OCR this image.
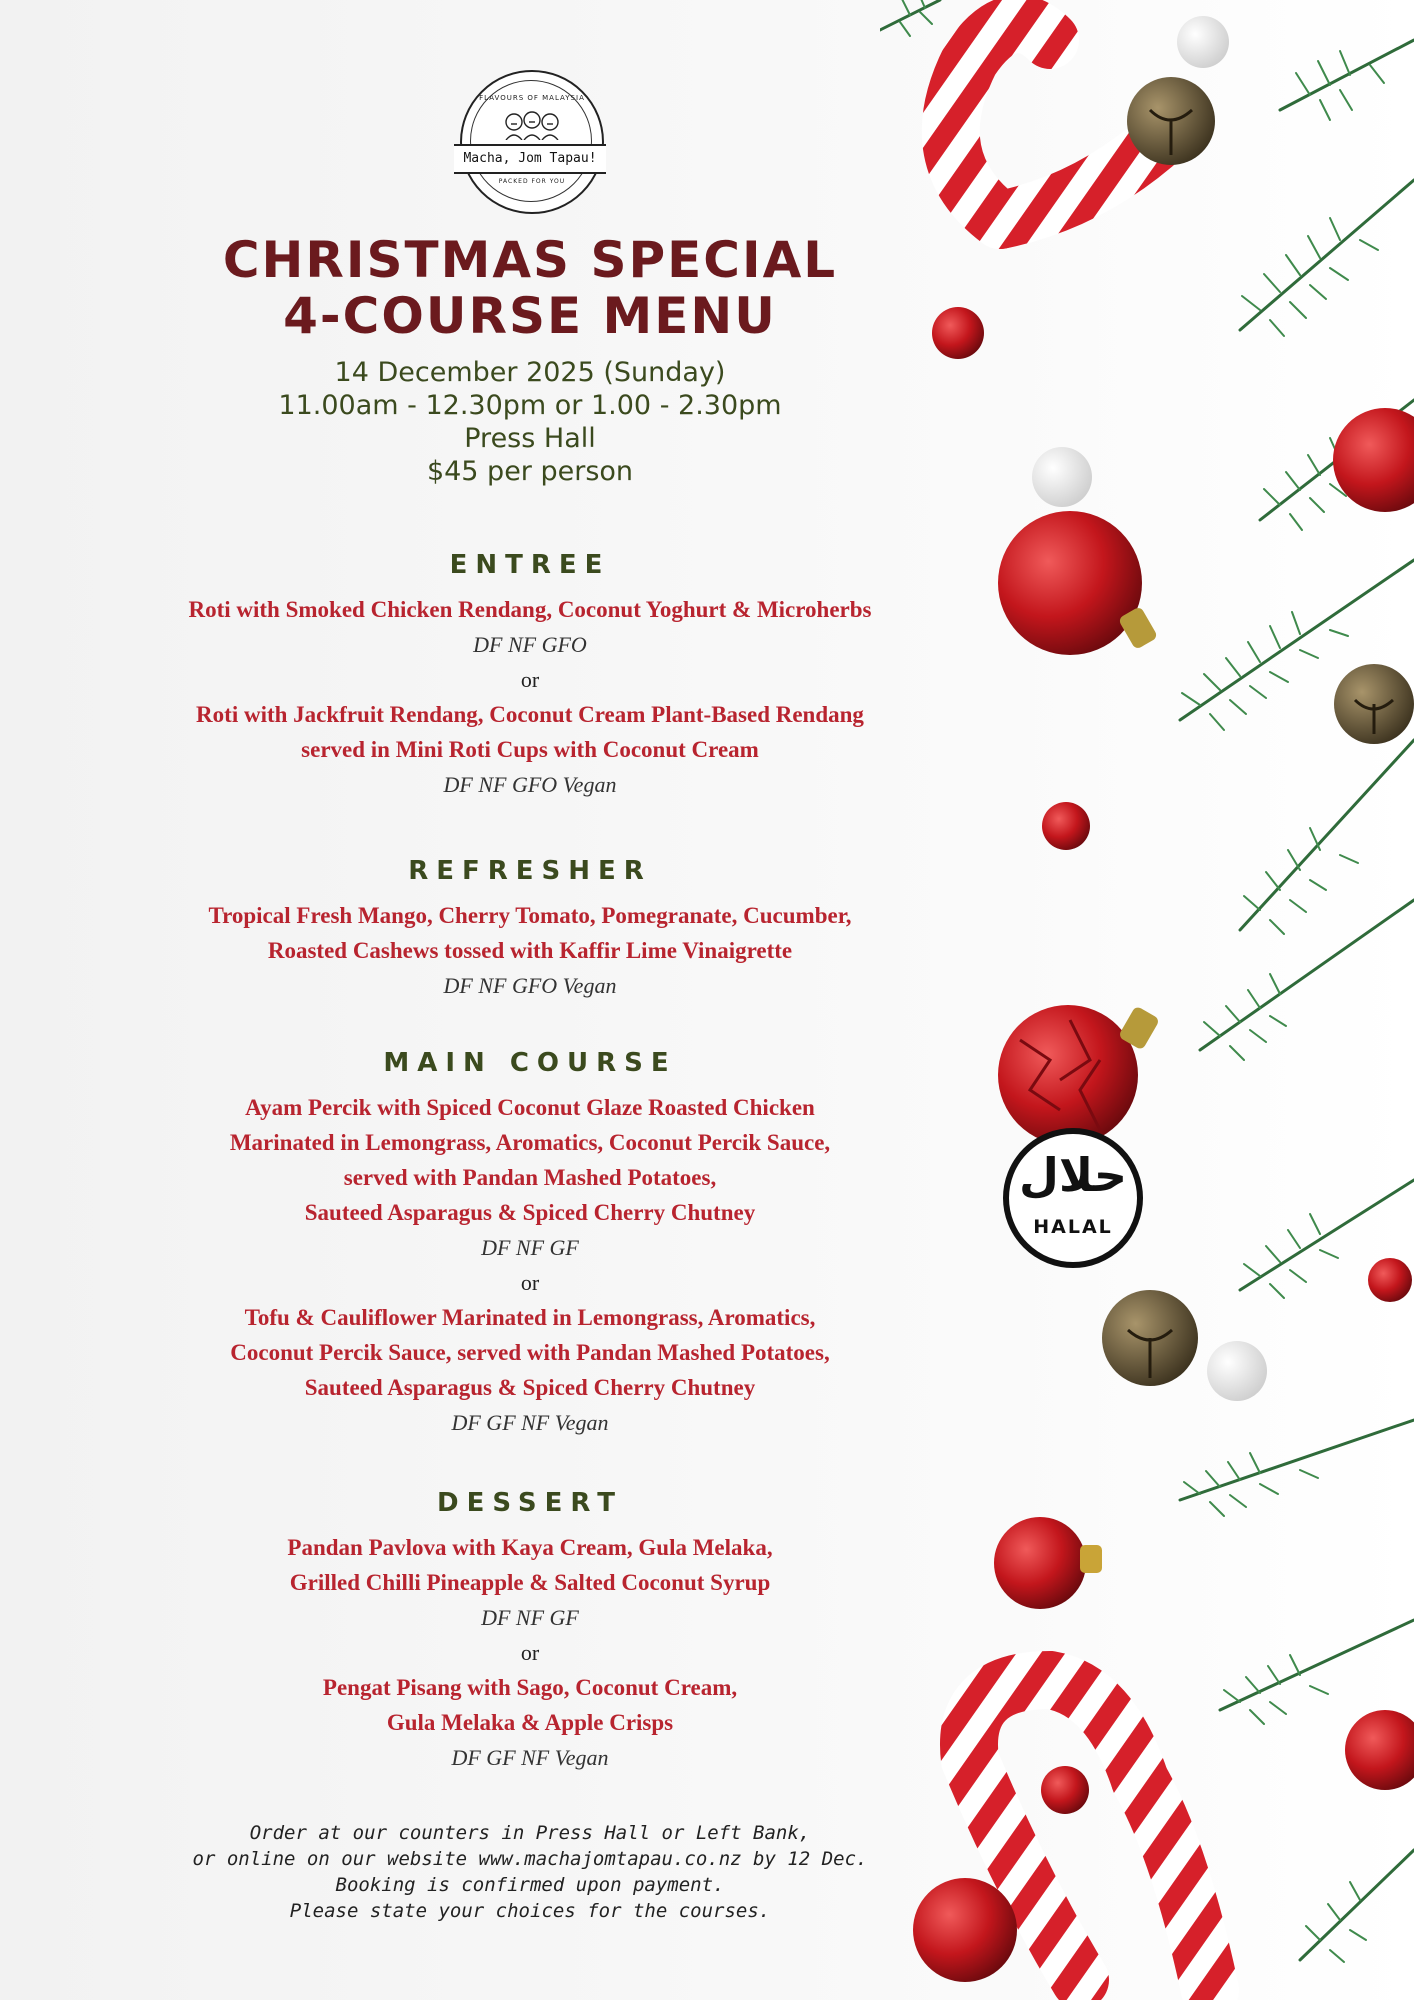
FLAVOURS OF MALAYSIA
Macha, Jom Tapau!
PACKED FOR YOU
CHRISTMAS SPECIAL
4-COURSE MENU
14 December 2025 (Sunday)
11.00am - 12.30pm or 1.00 - 2.30pm
Press Hall
$45 per person
ENTREE
Roti with Smoked Chicken Rendang, Coconut Yoghurt & Microherbs
DF NF GFO
or
Roti with Jackfruit Rendang, Coconut Cream Plant-Based Rendang
served in Mini Roti Cups with Coconut Cream
DF NF GFO Vegan
REFRESHER
Tropical Fresh Mango, Cherry Tomato, Pomegranate, Cucumber,
Roasted Cashews tossed with Kaffir Lime Vinaigrette
DF NF GFO Vegan
MAIN COURSE
Ayam Percik with Spiced Coconut Glaze Roasted Chicken
Marinated in Lemongrass, Aromatics, Coconut Percik Sauce,
served with Pandan Mashed Potatoes,
Sauteed Asparagus & Spiced Cherry Chutney
DF NF GF
or
Tofu & Cauliflower Marinated in Lemongrass, Aromatics,
Coconut Percik Sauce, served with Pandan Mashed Potatoes,
Sauteed Asparagus & Spiced Cherry Chutney
DF GF NF Vegan
DESSERT
Pandan Pavlova with Kaya Cream, Gula Melaka,
Grilled Chilli Pineapple & Salted Coconut Syrup
DF NF GF
or
Pengat Pisang with Sago, Coconut Cream,
Gula Melaka & Apple Crisps
DF GF NF Vegan
Order at our counters in Press Hall or Left Bank,
or online on our website www.machajomtapau.co.nz by 12 Dec.
Booking is confirmed upon payment.
Please state your choices for the courses.
حلال
HALAL
